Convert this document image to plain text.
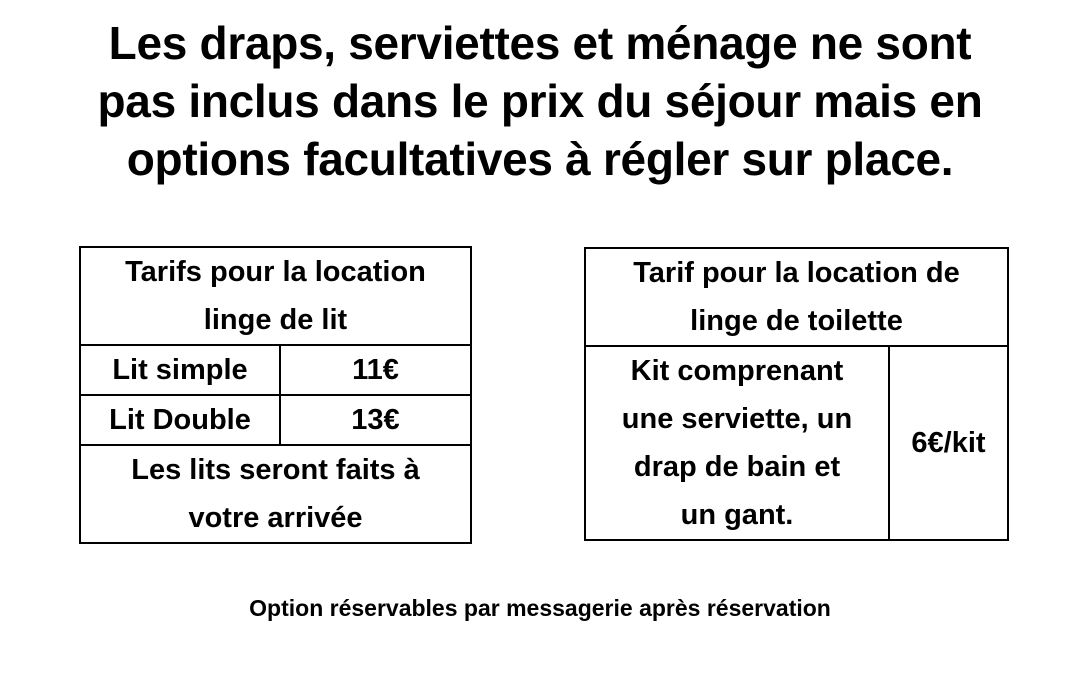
Les draps, serviettes et ménage ne sont
pas inclus dans le prix du séjour mais en
options facultatives à régler sur place.
Tarifs pour la location
linge de lit	

Lit simple	11€
Lit Double	13€

Les lits seront faits à
votre arrivée	
Tarif pour la location de
linge de toilette

Kit comprenant
une serviette, un
drap de bain et
un gant.
	6€/kit
Option réservables par messagerie après réservation
